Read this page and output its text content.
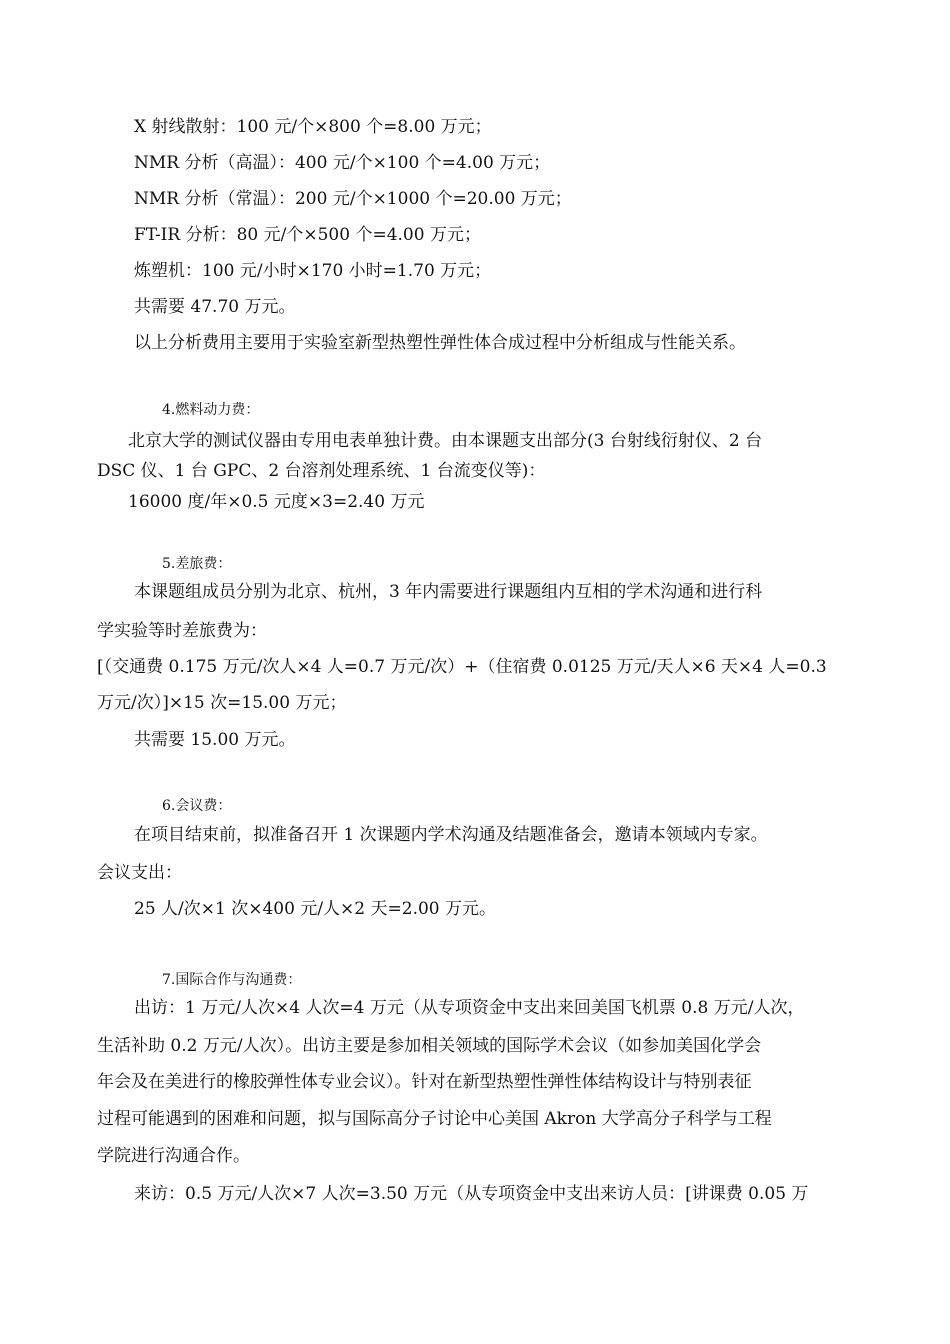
X 射线散射：100 元/个×800 个=8.00 万元；
NMR 分析（高温）：400 元/个×100 个=4.00 万元；
NMR 分析（常温）：200 元/个×1000 个=20.00 万元；
FT-IR 分析：80 元/个×500 个=4.00 万元；
炼塑机：100 元/小时×170 小时=1.70 万元；
共需要 47.70 万元。
以上分析费用主要用于实验室新型热塑性弹性体合成过程中分析组成与性能关系。
4.燃料动力费：
北京大学的测试仪器由专用电表单独计费。由本课题支出部分(3 台射线衍射仪、2 台
DSC 仪、1 台 GPC、2 台溶剂处理系统、1 台流变仪等)：
16000 度/年×0.5 元度×3=2.40 万元
5.差旅费：
本课题组成员分别为北京、杭州，3 年内需要进行课题组内互相的学术沟通和进行科
学实验等时差旅费为：
[（交通费 0.175 万元/次人×4 人=0.7 万元/次）+（住宿费 0.0125 万元/天人×6 天×4 人=0.3
万元/次）]×15 次=15.00 万元；
共需要 15.00 万元。
6.会议费：
在项目结束前，拟准备召开 1 次课题内学术沟通及结题准备会，邀请本领域内专家。
会议支出：
25 人/次×1 次×400 元/人×2 天=2.00 万元。
7.国际合作与沟通费：
出访：1 万元/人次×4 人次=4 万元（从专项资金中支出来回美国飞机票 0.8 万元/人次，
生活补助 0.2 万元/人次）。出访主要是参加相关领域的国际学术会议（如参加美国化学会
年会及在美进行的橡胶弹性体专业会议）。针对在新型热塑性弹性体结构设计与特别表征
过程可能遇到的困难和问题，拟与国际高分子讨论中心美国 Akron 大学高分子科学与工程
学院进行沟通合作。
来访：0.5 万元/人次×7 人次=3.50 万元（从专项资金中支出来访人员：[讲课费 0.05 万
